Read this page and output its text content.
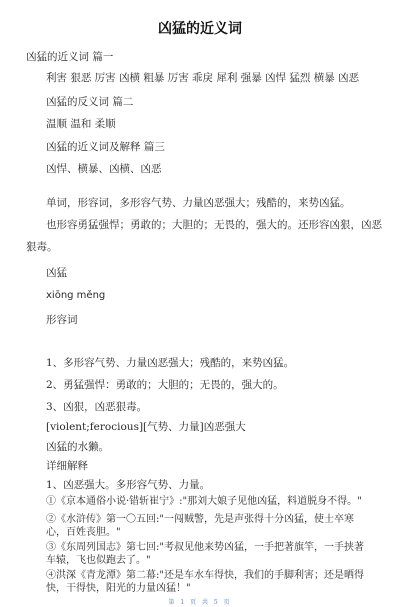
凶猛的近义词
凶猛的近义词 篇一
利害 狠恶 厉害 凶横 粗暴 厉害 乖戾 犀利 强暴 凶悍 猛烈 横暴 凶恶
凶猛的反义词 篇二
温顺 温和 柔顺
凶猛的近义词及解释 篇三
凶悍、横暴、凶横、凶恶
单词，形容词，多形容气势、力量凶恶强大；残酷的，来势凶猛。
也形容勇猛强悍；勇敢的；大胆的；无畏的，强大的。还形容凶狠，凶恶
狠毒。
凶猛
xiōng měng
形容词
1、多形容气势、力量凶恶强大；残酷的，来势凶猛。
2、勇猛强悍：勇敢的；大胆的；无畏的，强大的。
3、凶狠，凶恶狠毒。
[violent;ferocious][气势、力量]凶恶强大
凶猛的水獭。
详细解释
1、凶恶强大。多形容气势、力量。
①《京本通俗小说·错斩崔宁》:"那刘大娘子见他凶猛，料道脱身不得。"
②《水浒传》第一〇五回:"一闯贼警，先是声张得十分凶猛，使士卒寒
心，百姓丧胆。"
③《东周列国志》第七回:"考叔见他来势凶猛，一手把著旗竿，一手挟著
车辕，飞也似跑去了。"
④洪深《青龙潭》第二幕:"还是车水车得快，我们的手脚利害；还是晒得
快，干得快，阳光的力量凶猛！"
第 1 页 共 5 页
